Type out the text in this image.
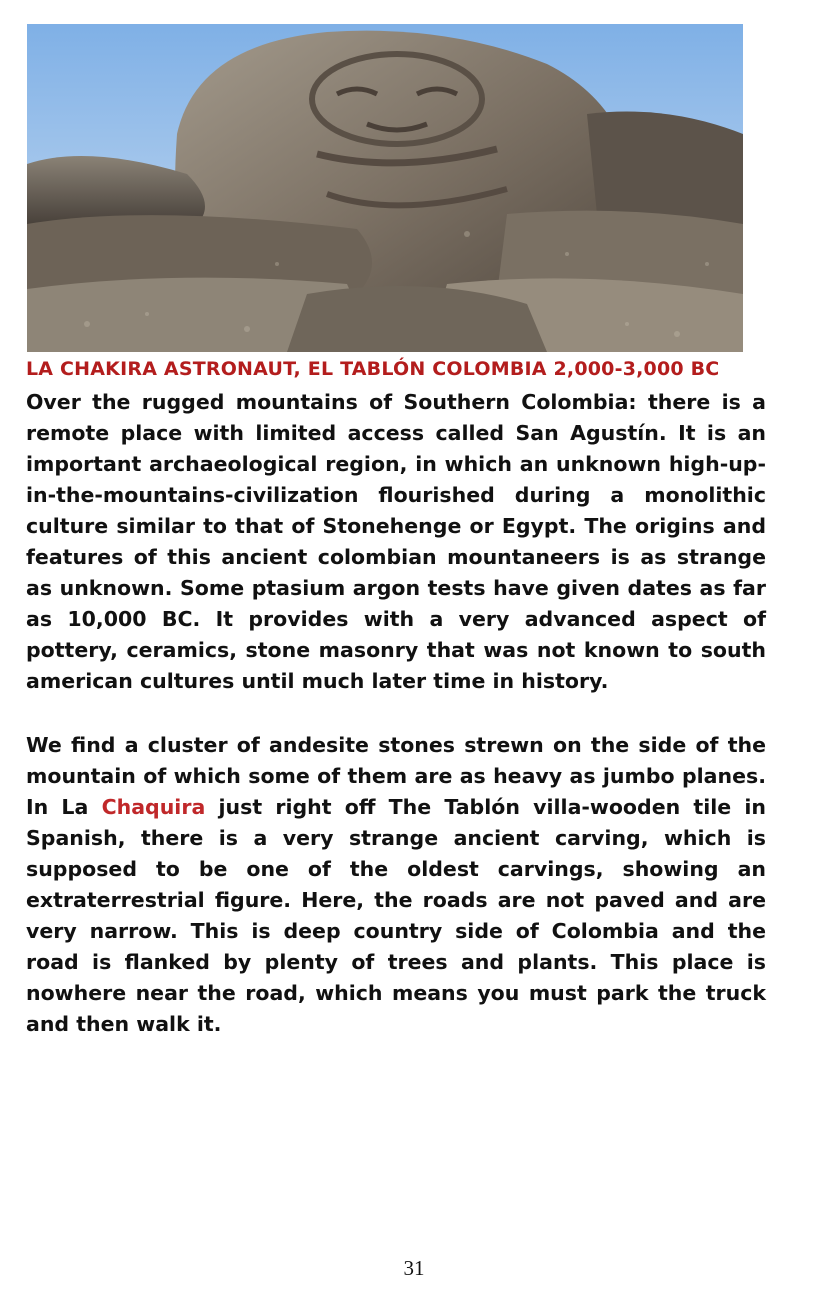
LA CHAKIRA ASTRONAUT, EL TABLÓN COLOMBIA 2,000-3,000 BC
Over the rugged mountains of Southern Colombia: there is a remote place with limited access called San Agustín. It is an important archaeological region, in which an unknown high-up-in-the-mountains-civilization flourished during a monolithic culture similar to that of Stonehenge or Egypt. The origins and features of this ancient colombian mountaneers is as strange as unknown. Some ptasium argon tests have given dates as far as 10,000 BC. It provides with a very advanced aspect of pottery, ceramics, stone masonry that was not known to south american cultures until much later time in history.
We find a cluster of andesite stones strewn on the side of the mountain of which some of them are as heavy as jumbo planes. In La Chaquira just right off The Tablón villa-wooden tile in Spanish, there is a very strange ancient carving, which is supposed to be one of the oldest carvings, showing an extraterrestrial figure. Here, the roads are not paved and are very narrow. This is deep country side of Colombia and the road is flanked by plenty of trees and plants. This place is nowhere near the road, which means you must park the truck and then walk it.
31
